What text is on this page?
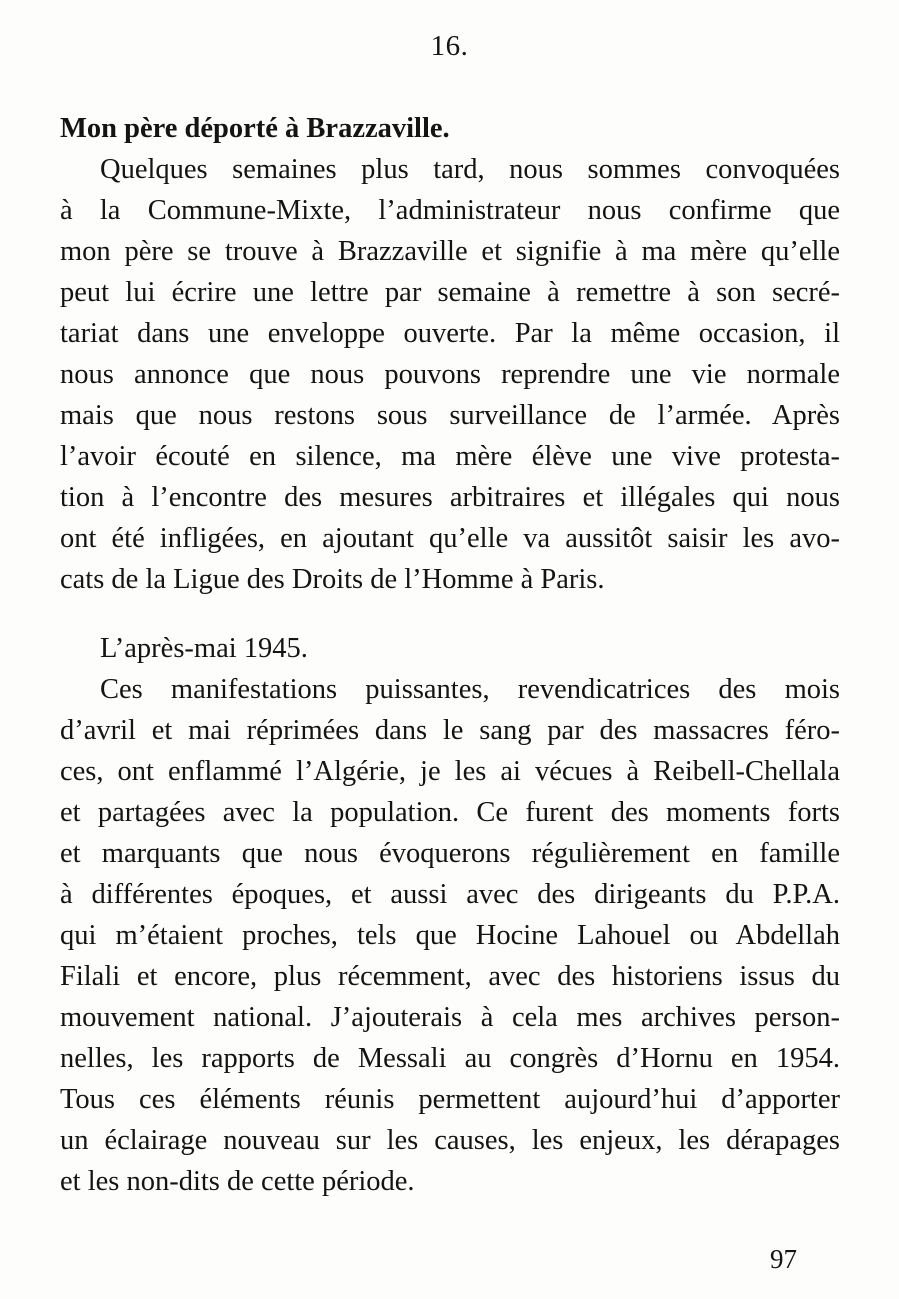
16.
Mon père déporté à Brazzaville.
Quelques semaines plus tard, nous sommes convoquées
à la Commune-Mixte, l’administrateur nous confirme que
mon père se trouve à Brazzaville et signifie à ma mère qu’elle
peut lui écrire une lettre par semaine à remettre à son secré-
tariat dans une enveloppe ouverte. Par la même occasion, il
nous annonce que nous pouvons reprendre une vie normale
mais que nous restons sous surveillance de l’armée. Après
l’avoir écouté en silence, ma mère élève une vive protesta-
tion à l’encontre des mesures arbitraires et illégales qui nous
ont été infligées, en ajoutant qu’elle va aussitôt saisir les avo-
cats de la Ligue des Droits de l’Homme à Paris.
L’après-mai 1945.
Ces manifestations puissantes, revendicatrices des mois
d’avril et mai réprimées dans le sang par des massacres féro-
ces, ont enflammé l’Algérie, je les ai vécues à Reibell-Chellala
et partagées avec la population. Ce furent des moments forts
et marquants que nous évoquerons régulièrement en famille
à différentes époques, et aussi avec des dirigeants du P.P.A.
qui m’étaient proches, tels que Hocine Lahouel ou Abdellah
Filali et encore, plus récemment, avec des historiens issus du
mouvement national. J’ajouterais à cela mes archives person-
nelles, les rapports de Messali au congrès d’Hornu en 1954.
Tous ces éléments réunis permettent aujourd’hui d’apporter
un éclairage nouveau sur les causes, les enjeux, les dérapages
et les non-dits de cette période.
97
